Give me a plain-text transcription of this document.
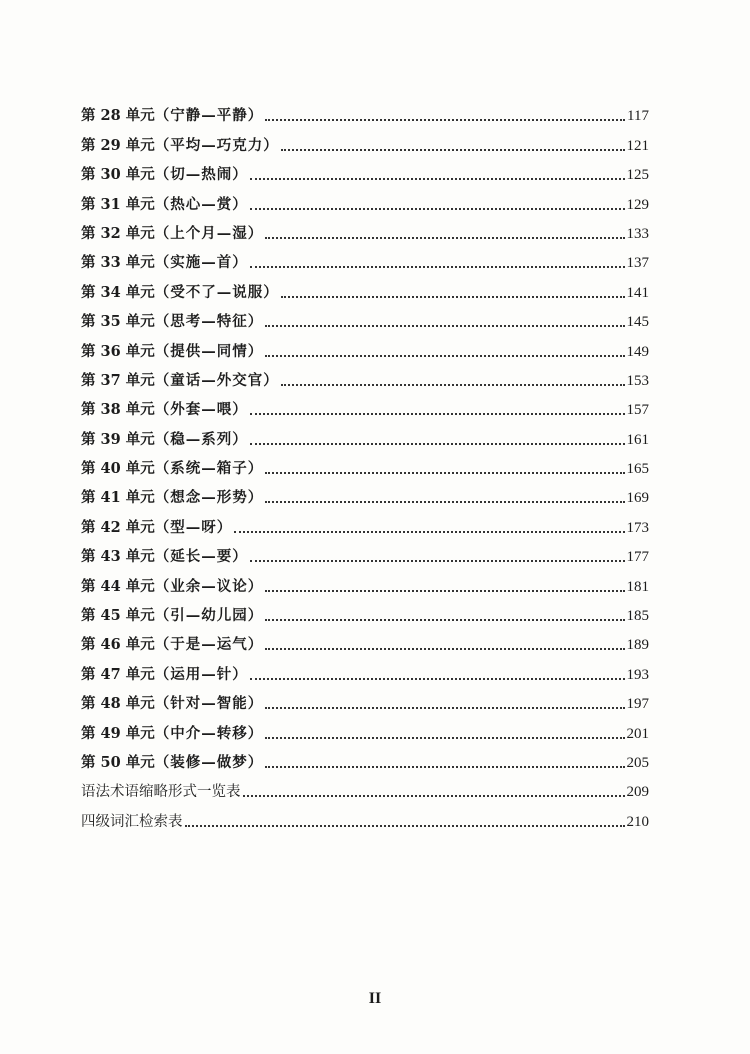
第 28 单元（宁静—平静）	117
第 29 单元（平均—巧克力）	121
第 30 单元（切—热闹）	125
第 31 单元（热心—赏）	129
第 32 单元（上个月—湿）	133
第 33 单元（实施—首）	137
第 34 单元（受不了—说服）	141
第 35 单元（思考—特征）	145
第 36 单元（提供—同情）	149
第 37 单元（童话—外交官）	153
第 38 单元（外套—喂）	157
第 39 单元（稳—系列）	161
第 40 单元（系统—箱子）	165
第 41 单元（想念—形势）	169
第 42 单元（型—呀）	173
第 43 单元（延长—要）	177
第 44 单元（业余—议论）	181
第 45 单元（引—幼儿园）	185
第 46 单元（于是—运气）	189
第 47 单元（运用—针）	193
第 48 单元（针对—智能）	197
第 49 单元（中介—转移）	201
第 50 单元（装修—做梦）	205
语法术语缩略形式一览表	209
四级词汇检索表	210
II
